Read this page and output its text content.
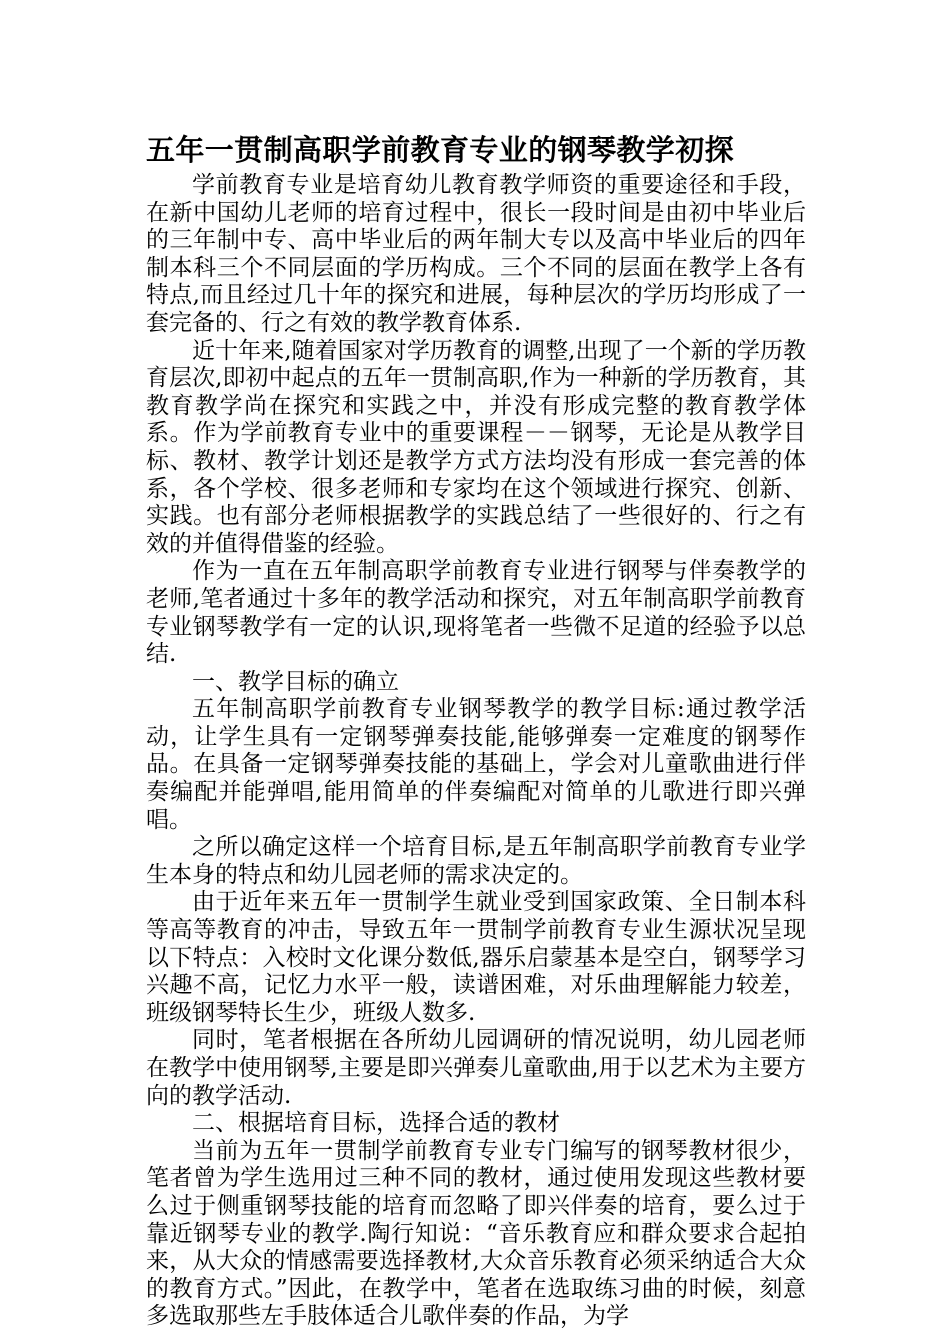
五年一贯制高职学前教育专业的钢琴教学初探

学前教育专业是培育幼儿教育教学师资的重要途径和手段，在新中国幼儿老师的培育过程中，很长一段时间是由初中毕业后的三年制中专、高中毕业后的两年制大专以及高中毕业后的四年制本科三个不同层面的学历构成。三个不同的层面在教学上各有特点,而且经过几十年的探究和进展，每种层次的学历均形成了一套完备的、行之有效的教学教育体系.

近十年来,随着国家对学历教育的调整,出现了一个新的学历教育层次,即初中起点的五年一贯制高职,作为一种新的学历教育，其教育教学尚在探究和实践之中，并没有形成完整的教育教学体系。作为学前教育专业中的重要课程－－钢琴，无论是从教学目标、教材、教学计划还是教学方式方法均没有形成一套完善的体系，各个学校、很多老师和专家均在这个领域进行探究、创新、实践。也有部分老师根据教学的实践总结了一些很好的、行之有效的并值得借鉴的经验。

作为一直在五年制高职学前教育专业进行钢琴与伴奏教学的老师,笔者通过十多年的教学活动和探究，对五年制高职学前教育专业钢琴教学有一定的认识,现将笔者一些微不足道的经验予以总结.

一、教学目标的确立

五年制高职学前教育专业钢琴教学的教学目标:通过教学活动，让学生具有一定钢琴弹奏技能,能够弹奏一定难度的钢琴作品。在具备一定钢琴弹奏技能的基础上，学会对儿童歌曲进行伴奏编配并能弹唱,能用简单的伴奏编配对简单的儿歌进行即兴弹唱。

之所以确定这样一个培育目标,是五年制高职学前教育专业学生本身的特点和幼儿园老师的需求决定的。

由于近年来五年一贯制学生就业受到国家政策、全日制本科等高等教育的冲击，导致五年一贯制学前教育专业生源状况呈现以下特点：入校时文化课分数低,器乐启蒙基本是空白，钢琴学习兴趣不高，记忆力水平一般，读谱困难，对乐曲理解能力较差，班级钢琴特长生少，班级人数多.

同时，笔者根据在各所幼儿园调研的情况说明，幼儿园老师在教学中使用钢琴,主要是即兴弹奏儿童歌曲,用于以艺术为主要方向的教学活动.

二、根据培育目标，选择合适的教材

当前为五年一贯制学前教育专业专门编写的钢琴教材很少，笔者曾为学生选用过三种不同的教材，通过使用发现这些教材要么过于侧重钢琴技能的培育而忽略了即兴伴奏的培育，要么过于靠近钢琴专业的教学.陶行知说：“音乐教育应和群众要求合起拍来，从大众的情感需要选择教材,大众音乐教育必须采纳适合大众的教育方式。”因此，在教学中，笔者在选取练习曲的时候，刻意多选取那些左手肢体适合儿歌伴奏的作品，为学
